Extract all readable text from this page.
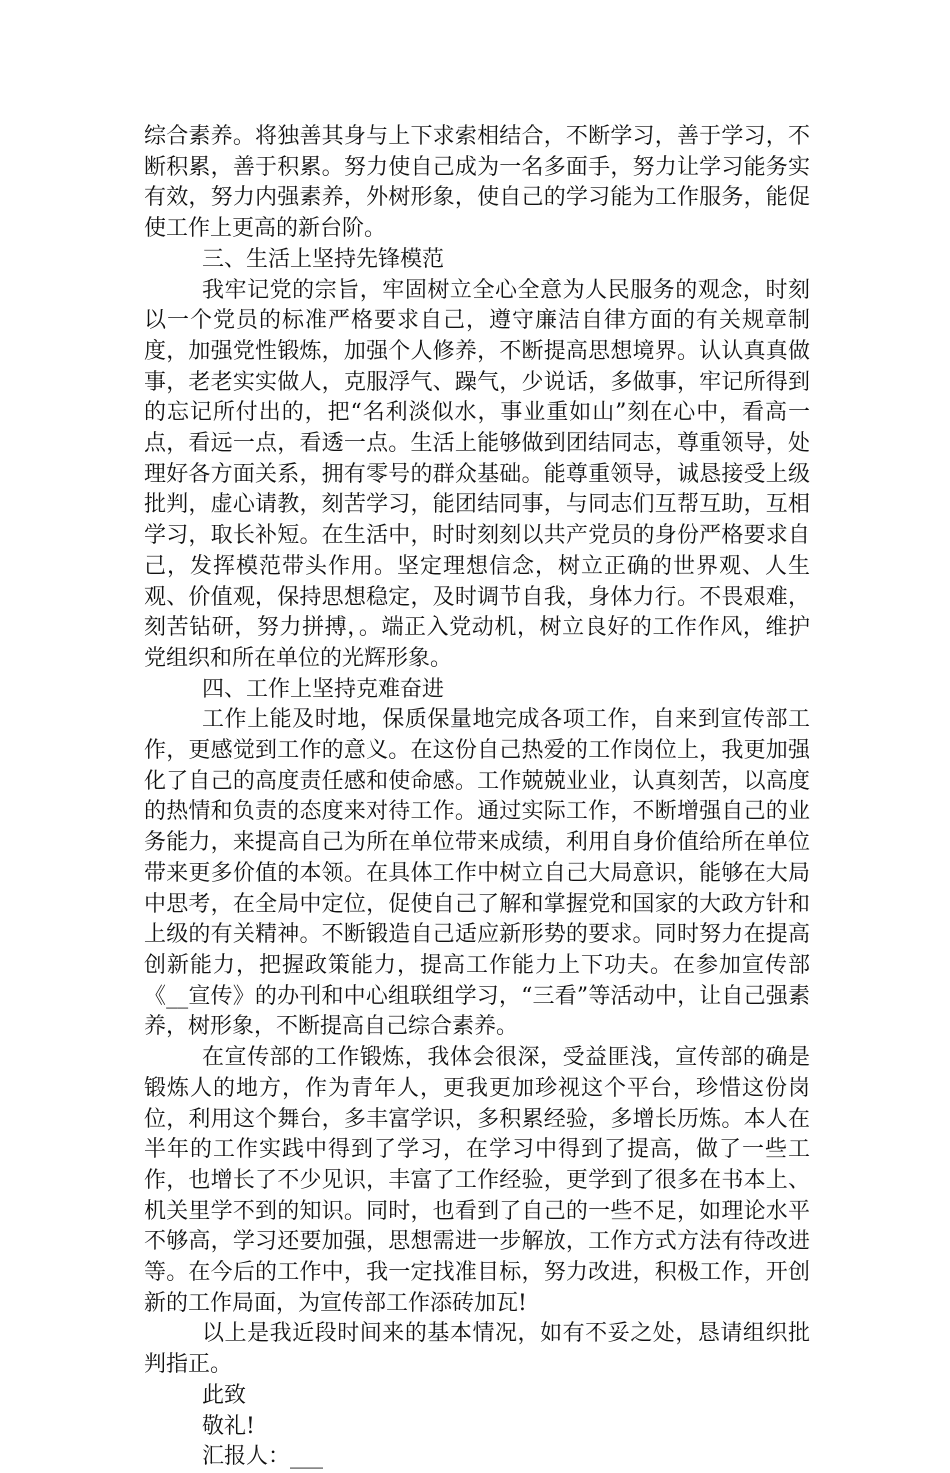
综合素养。将独善其身与上下求索相结合，不断学习，善于学习，不断积累，善于积累。努力使自己成为一名多面手，努力让学习能务实有效，努力内强素养，外树形象，使自己的学习能为工作服务，能促使工作上更高的新台阶。

三、生活上坚持先锋模范

我牢记党的宗旨，牢固树立全心全意为人民服务的观念，时刻以一个党员的标准严格要求自己，遵守廉洁自律方面的有关规章制度，加强党性锻炼，加强个人修养，不断提高思想境界。认认真真做事，老老实实做人，克服浮气、躁气，少说话，多做事，牢记所得到的忘记所付出的，把“名利淡似水，事业重如山”刻在心中，看高一点，看远一点，看透一点。生活上能够做到团结同志，尊重领导，处理好各方面关系，拥有零号的群众基础。能尊重领导，诚恳接受上级批判，虚心请教，刻苦学习，能团结同事，与同志们互帮互助，互相学习，取长补短。在生活中，时时刻刻以共产党员的身份严格要求自己，发挥模范带头作用。坚定理想信念，树立正确的世界观、人生观、价值观，保持思想稳定，及时调节自我，身体力行。不畏艰难，刻苦钻研，努力拼搏，。端正入党动机，树立良好的工作作风，维护党组织和所在单位的光辉形象。

四、工作上坚持克难奋进

工作上能及时地，保质保量地完成各项工作，自来到宣传部工作，更感觉到工作的意义。在这份自己热爱的工作岗位上，我更加强化了自己的高度责任感和使命感。工作兢兢业业，认真刻苦，以高度的热情和负责的态度来对待工作。通过实际工作，不断增强自己的业务能力，来提高自己为所在单位带来成绩，利用自身价值给所在单位带来更多价值的本领。在具体工作中树立自己大局意识，能够在大局中思考，在全局中定位，促使自己了解和掌握党和国家的大政方针和上级的有关精神。不断锻造自己适应新形势的要求。同时努力在提高创新能力，把握政策能力，提高工作能力上下功夫。在参加宣传部《__宣传》的办刊和中心组联组学习，“三看”等活动中，让自己强素养，树形象，不断提高自己综合素养。

在宣传部的工作锻炼，我体会很深，受益匪浅，宣传部的确是锻炼人的地方，作为青年人，更我更加珍视这个平台，珍惜这份岗位，利用这个舞台，多丰富学识，多积累经验，多增长历炼。本人在半年的工作实践中得到了学习，在学习中得到了提高，做了一些工作，也增长了不少见识，丰富了工作经验，更学到了很多在书本上、机关里学不到的知识。同时，也看到了自己的一些不足，如理论水平不够高，学习还要加强，思想需进一步解放，工作方式方法有待改进等。在今后的工作中，我一定找准目标，努力改进，积极工作，开创新的工作局面，为宣传部工作添砖加瓦!

以上是我近段时间来的基本情况，如有不妥之处，恳请组织批判指正。

此致

敬礼!

汇报人：___
